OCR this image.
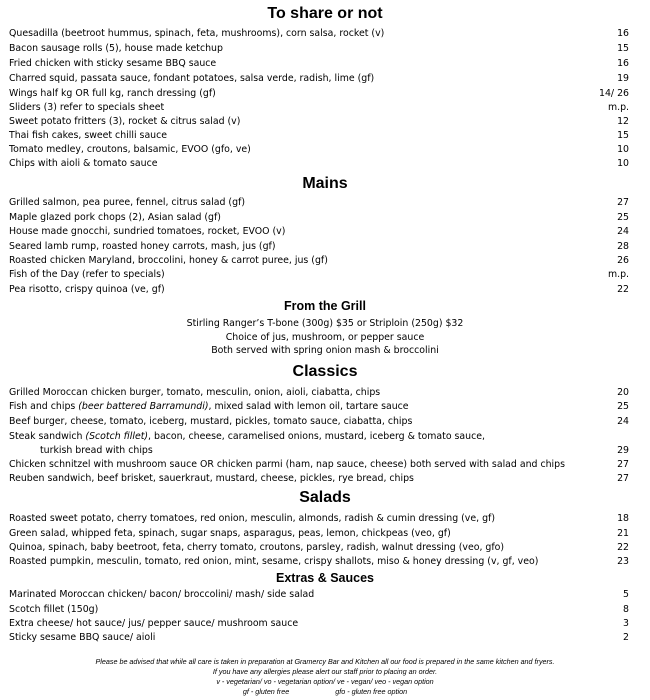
To share or not
Quesadilla (beetroot hummus, spinach, feta, mushrooms), corn salsa, rocket (v)	16
Bacon sausage rolls (5), house made ketchup	15
Fried chicken with sticky sesame BBQ sauce	16
Charred squid, passata sauce, fondant potatoes, salsa verde, radish, lime (gf)	19
Wings half kg OR full kg, ranch dressing (gf)	14/ 26
Sliders (3) refer to specials sheet	m.p.
Sweet potato fritters (3), rocket & citrus salad (v)	12
Thai fish cakes, sweet chilli sauce	15
Tomato medley, croutons, balsamic, EVOO (gfo, ve)	10
Chips with aioli & tomato sauce	10
Mains
Grilled salmon, pea puree, fennel, citrus salad (gf)	27
Maple glazed pork chops (2), Asian salad (gf)	25
House made gnocchi, sundried tomatoes, rocket, EVOO (v)	24
Seared lamb rump, roasted honey carrots, mash, jus (gf)	28
Roasted chicken Maryland, broccolini, honey & carrot puree, jus (gf)	26
Fish of the Day (refer to specials)	m.p.
Pea risotto, crispy quinoa (ve, gf)	22
From the Grill
Stirling Ranger’s T-bone (300g) $35 or Striploin (250g) $32
Choice of jus, mushroom, or pepper sauce
Both served with spring onion mash & broccolini
Classics
Grilled Moroccan chicken burger, tomato, mesculin, onion, aioli, ciabatta, chips	20
Fish and chips (beer battered Barramundi), mixed salad with lemon oil, tartare sauce	25
Beef burger, cheese, tomato, iceberg, mustard, pickles, tomato sauce, ciabatta, chips	24
Steak sandwich (Scotch fillet), bacon, cheese, caramelised onions, mustard, iceberg & tomato sauce,
turkish bread with chips	29
Chicken schnitzel with mushroom sauce OR chicken parmi (ham, nap sauce, cheese) both served with salad and chips	27
Reuben sandwich, beef brisket, sauerkraut, mustard, cheese, pickles, rye bread, chips	27
Salads
Roasted sweet potato, cherry tomatoes, red onion, mesculin, almonds, radish & cumin dressing (ve, gf)	18
Green salad, whipped feta, spinach, sugar snaps, asparagus, peas, lemon, chickpeas (veo, gf)	21
Quinoa, spinach, baby beetroot, feta, cherry tomato, croutons, parsley, radish, walnut dressing (veo, gfo)	22
Roasted pumpkin, mesculin, tomato, red onion, mint, sesame, crispy shallots, miso & honey dressing (v, gf, veo)	23
Extras & Sauces
Marinated Moroccan chicken/ bacon/ broccolini/ mash/ side salad	5
Scotch fillet (150g)	8
Extra cheese/ hot sauce/ jus/ pepper sauce/ mushroom sauce	3
Sticky sesame BBQ sauce/ aioli	2
Please be advised that while all care is taken in preparation at Gramercy Bar and Kitchen all our food is prepared in the same kitchen and fryers.
If you have any allergies please alert our staff prior to placing an order.
v - vegetarian/ vo - vegetarian option/ ve - vegan/ veo - vegan option
gf - gluten free	gfo - gluten free option
